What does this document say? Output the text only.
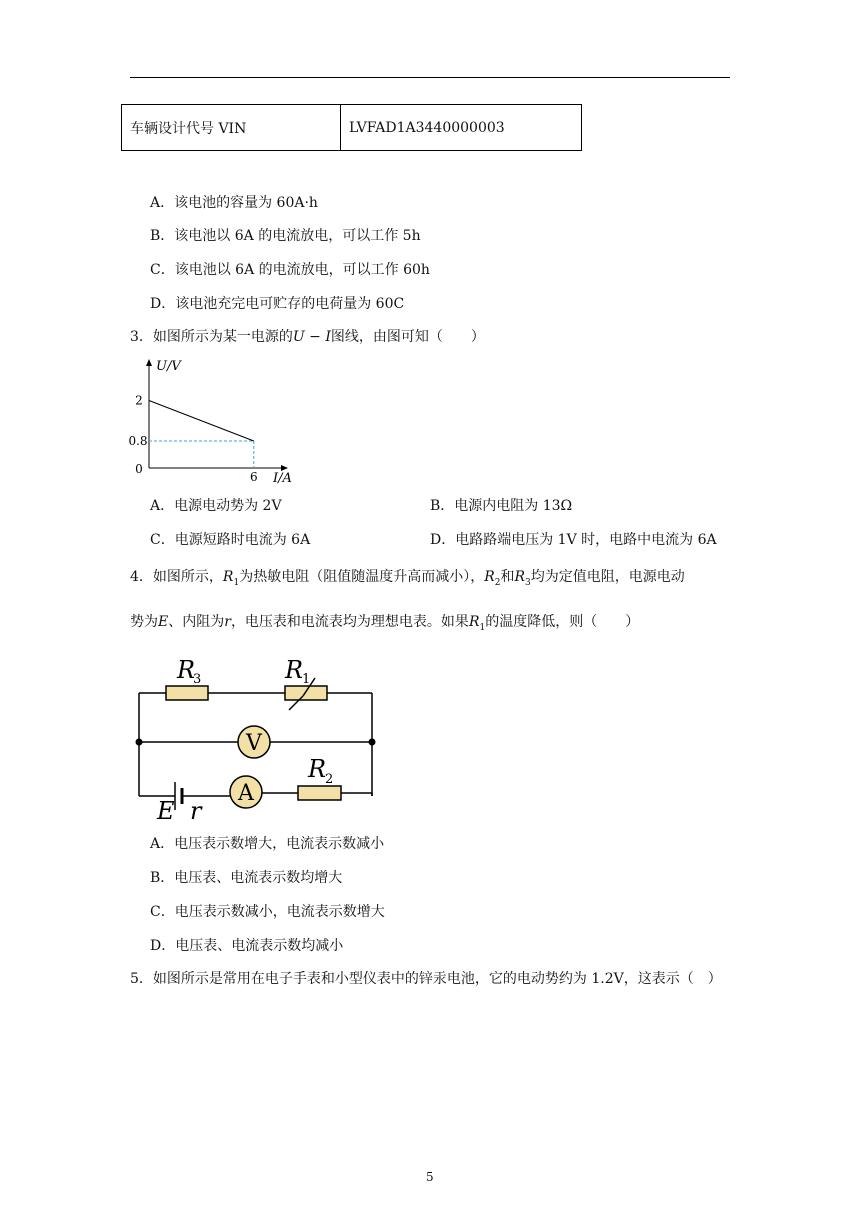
车辆设计代号 VIN	LVFAD1A3440000003
A．该电池的容量为 60A·h
B．该电池以 6A 的电流放电，可以工作 5h
C．该电池以 6A 的电流放电，可以工作 60h
D．该电池充完电可贮存的电荷量为 60C
3．如图所示为某一电源的U − I图线，由图可知（　　）
U/V
I/A
2
0.8
0
6
A．电源电动势为 2V	B．电源内电阻为 13Ω
C．电源短路时电流为 6A	D．电路路端电压为 1V 时，电路中电流为 6A
4．如图所示，$R_1$为热敏电阻（阻值随温度升高而减小），$R_2$和$R_3$均为定值电阻，电源电动
势为E、内阻为r，电压表和电流表均为理想电表。如果$R_1$的温度降低，则（　　）
R
3	R
1
R
2
V
A
E r
A．电压表示数增大，电流表示数减小
B．电压表、电流表示数均增大
C．电压表示数减小，电流表示数增大
D．电压表、电流表示数均减小
5．如图所示是常用在电子手表和小型仪表中的锌汞电池，它的电动势约为 1.2V，这表示（　）
5
